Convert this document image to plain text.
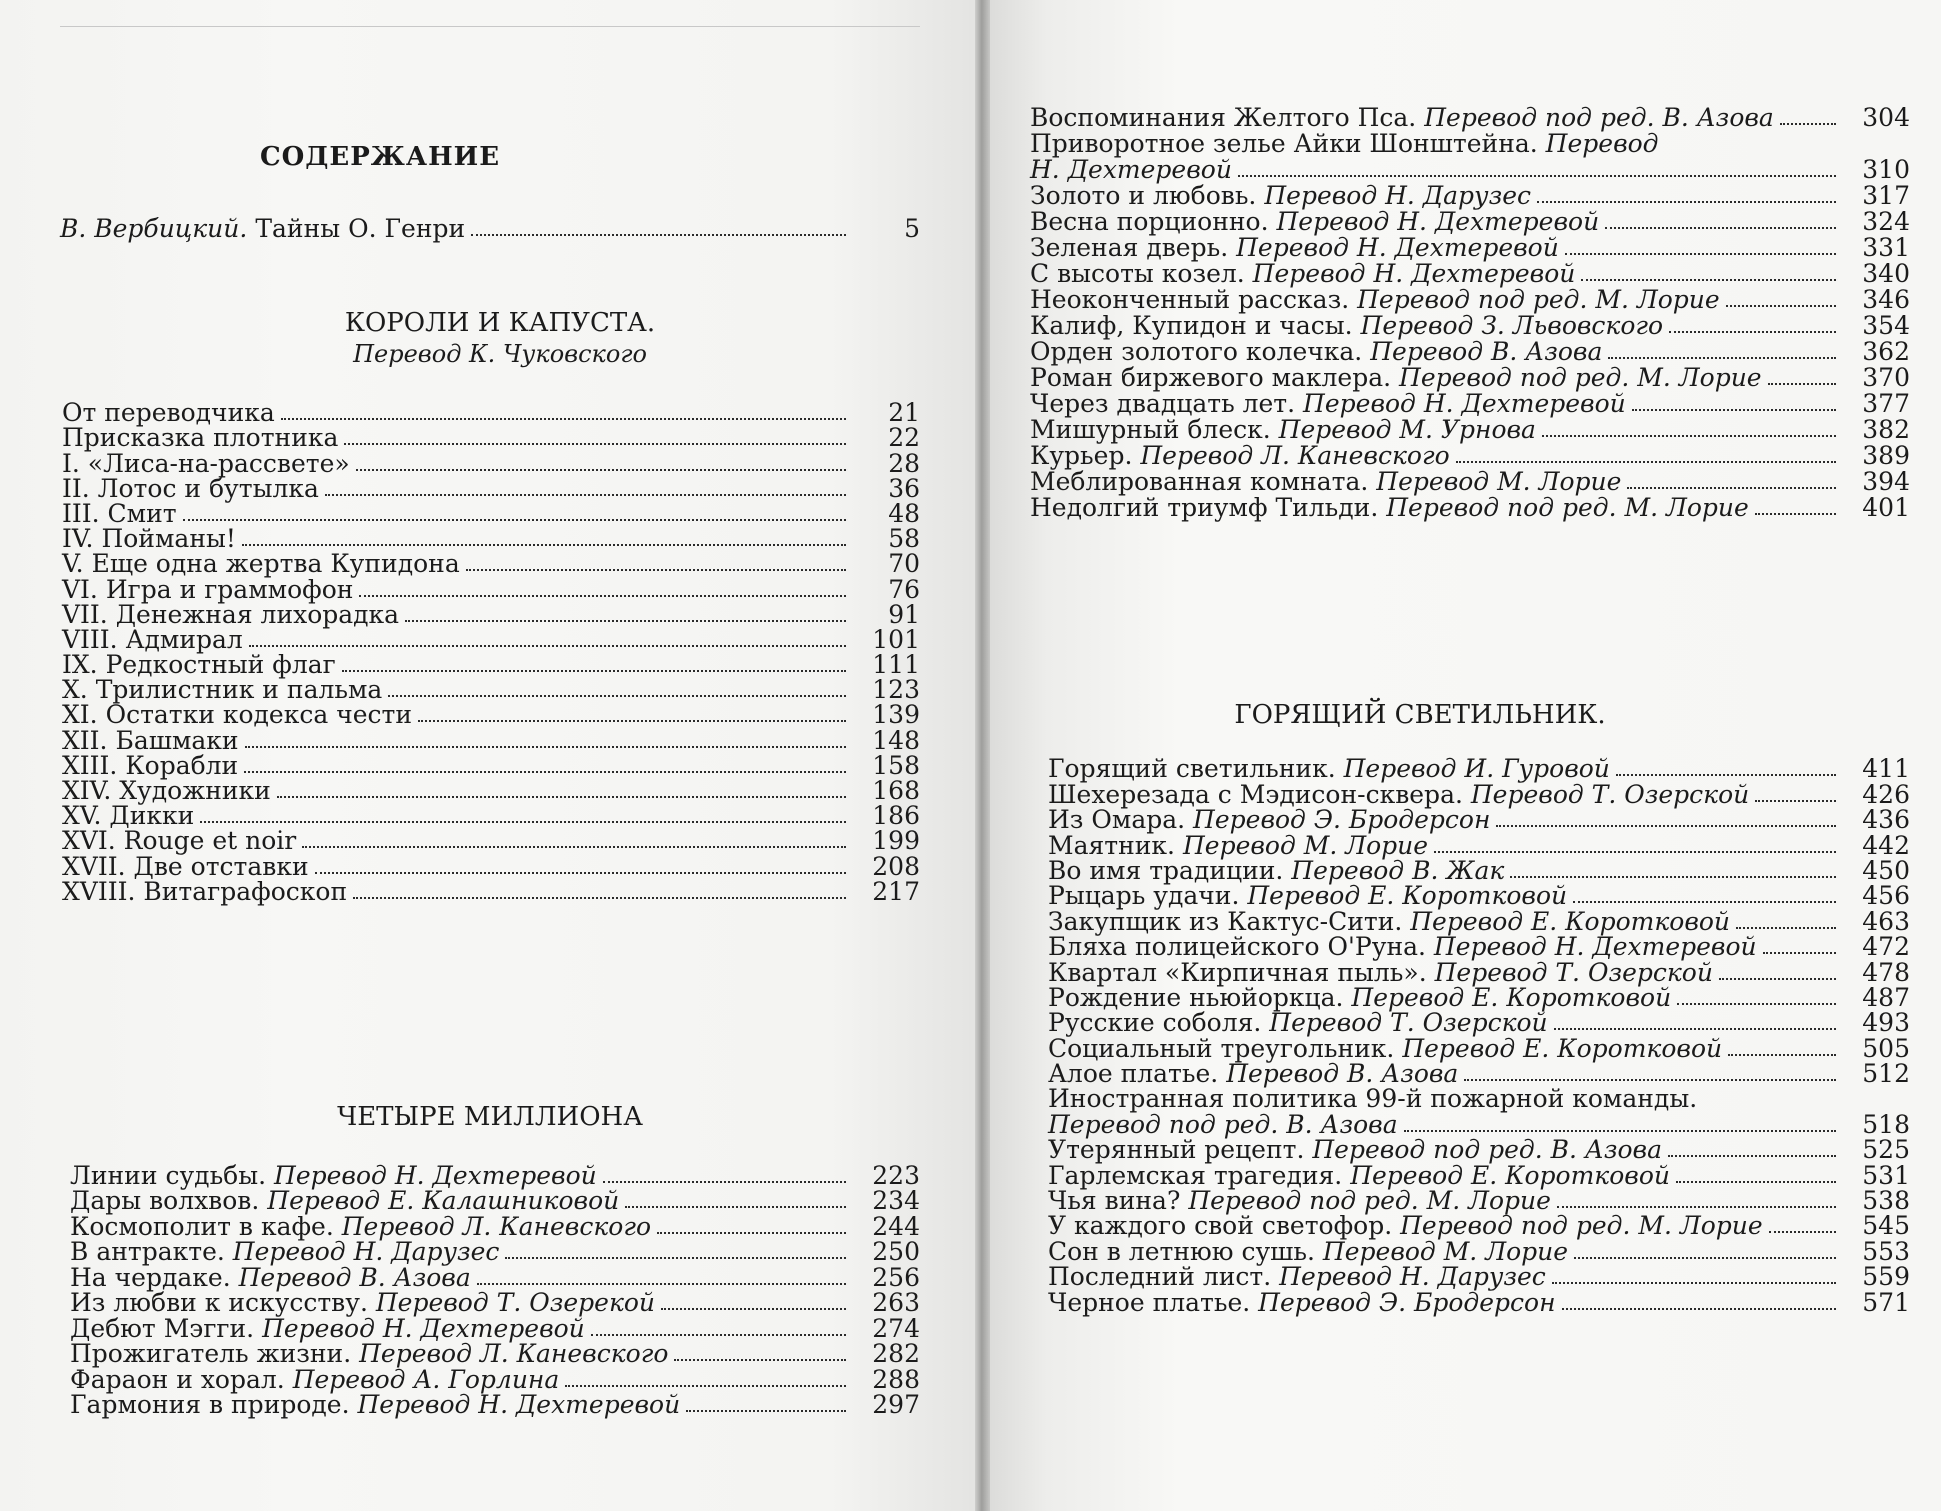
СОДЕРЖАНИЕ
В. Вербицкий. Тайны О. Генри	5
КОРОЛИ И КАПУСТА.
Перевод К. Чуковского
От переводчика	21
Присказка плотника	22
I. «Лиса-на-рассвете»	28
II. Лотос и бутылка	36
III. Смит	48
IV. Пойманы!	58
V. Еще одна жертва Купидона	70
VI. Игра и граммофон	76
VII. Денежная лихорадка	91
VIII. Адмирал	101
IX. Редкостный флаг	111
X. Трилистник и пальма	123
XI. Остатки кодекса чести	139
XII. Башмаки	148
XIII. Корабли	158
XIV. Художники	168
XV. Дикки	186
XVI. Rouge et noir	199
XVII. Две отставки	208
XVIII. Витаграфоскоп	217
ЧЕТЫРЕ МИЛЛИОНА
Линии судьбы. Перевод Н. Дехтеревой	223
Дары волхвов. Перевод Е. Калашниковой	234
Космополит в кафе. Перевод Л. Каневского	244
В антракте. Перевод Н. Дарузес	250
На чердаке. Перевод В. Азова	256
Из любви к искусству. Перевод Т. Озерекой	263
Дебют Мэгги. Перевод Н. Дехтеревой	274
Прожигатель жизни. Перевод Л. Каневского	282
Фараон и хорал. Перевод А. Горлина	288
Гармония в природе. Перевод Н. Дехтеревой	297
Воспоминания Желтого Пса. Перевод под ред. В. Азова	304
Приворотное зелье Айки Шонштейна. Перевод
Н. Дехтеревой	310
Золото и любовь. Перевод Н. Дарузес	317
Весна порционно. Перевод Н. Дехтеревой	324
Зеленая дверь. Перевод Н. Дехтеревой	331
С высоты козел. Перевод Н. Дехтеревой	340
Неоконченный рассказ. Перевод под ред. М. Лорие	346
Калиф, Купидон и часы. Перевод З. Львовского	354
Орден золотого колечка. Перевод В. Азова	362
Роман биржевого маклера. Перевод под ред. М. Лорие	370
Через двадцать лет. Перевод Н. Дехтеревой	377
Мишурный блеск. Перевод М. Урнова	382
Курьер. Перевод Л. Каневского	389
Меблированная комната. Перевод М. Лорие	394
Недолгий триумф Тильди. Перевод под ред. М. Лорие	401
ГОРЯЩИЙ СВЕТИЛЬНИК.
Горящий светильник. Перевод И. Гуровой	411
Шехерезада с Мэдисон-сквера. Перевод Т. Озерской	426
Из Омара. Перевод Э. Бродерсон	436
Маятник. Перевод М. Лорие	442
Во имя традиции. Перевод В. Жак	450
Рыцарь удачи. Перевод Е. Коротковой	456
Закупщик из Кактус-Сити. Перевод Е. Коротковой	463
Бляха полицейского О'Руна. Перевод Н. Дехтеревой	472
Квартал «Кирпичная пыль». Перевод Т. Озерской	478
Рождение ньюйоркца. Перевод Е. Коротковой	487
Русские соболя. Перевод Т. Озерской	493
Социальный треугольник. Перевод Е. Коротковой	505
Алое платье. Перевод В. Азова	512
Иностранная политика 99-й пожарной команды.
Перевод под ред. В. Азова	518
Утерянный рецепт. Перевод под ред. В. Азова	525
Гарлемская трагедия. Перевод Е. Коротковой	531
Чья вина? Перевод под ред. М. Лорие	538
У каждого свой светофор. Перевод под ред. М. Лорие	545
Сон в летнюю сушь. Перевод М. Лорие	553
Последний лист. Перевод Н. Дарузес	559
Черное платье. Перевод Э. Бродерсон	571
